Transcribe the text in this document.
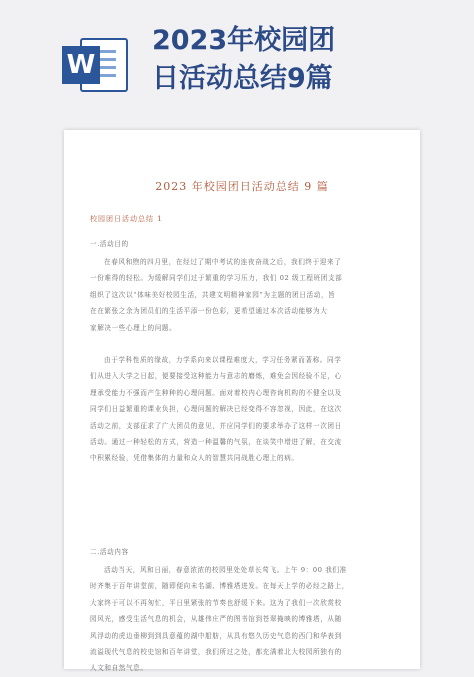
W
2023年校园团
日活动总结9篇
2023 年校园团日活动总结 9 篇
校园团日活动总结 1
一.活动目的
在春风和煦的四月里，在经过了期中考试的连夜奋战之后，我们终于迎来了
一份难得的轻松。为缓解同学们过于繁重的学习压力，我们 02 级工程班团支部
组织了这次以“体味美好校园生活，共建文明精神家园”为主题的团日活动，旨
在在繁张之余为团员们的生活平添一份色彩，更希望通过本次活动能够为大
家解决一些心理上的问题。
由于学科性质的缘故，力学系向来以课程难度大，学习任务紧而著称。同学
们从进入大学之日起，便要接受这种能力与意志的磨炼，难免会因经验不足，心
理承受能力不强而产生种种的心理问题。面对着校内心理咨询机构的不健全以及
同学们日益繁重的课业负担，心理问题的解决已经变得不容忽视，因此，在这次
活动之前，支部征求了广大团员的意见，并应同学们的要求举办了这样一次团日
活动。通过一种轻松的方式，营造一种温馨的气氛，在谈笑中增进了解，在交流
中积累经验，凭借集体的力量和众人的智慧共同战胜心理上的病。
二.活动内容
活动当天，风和日丽，春意浓浓的校园里处处草长莺飞。上午 9：00 我们准
时齐集于百年讲堂前，随即便向未名湖、博雅塔进发。在每天上学的必经之路上，
大家终于可以不再匆忙，平日里紧张的节奏也舒缓下来。这为了我们一次欣赏校
园风光，感受生活气息的机会，从雄伟庄严的图书馆到苍翠掩映的博雅塔，从随
风浮动的虎边垂柳到到具意蕴的湖中船舫，从具有悠久历史气息的西门和华表到
流溢现代气息的校史馆和百年讲堂，我们所过之处，都充满着北大校园所独有的
人文和自然气息。
